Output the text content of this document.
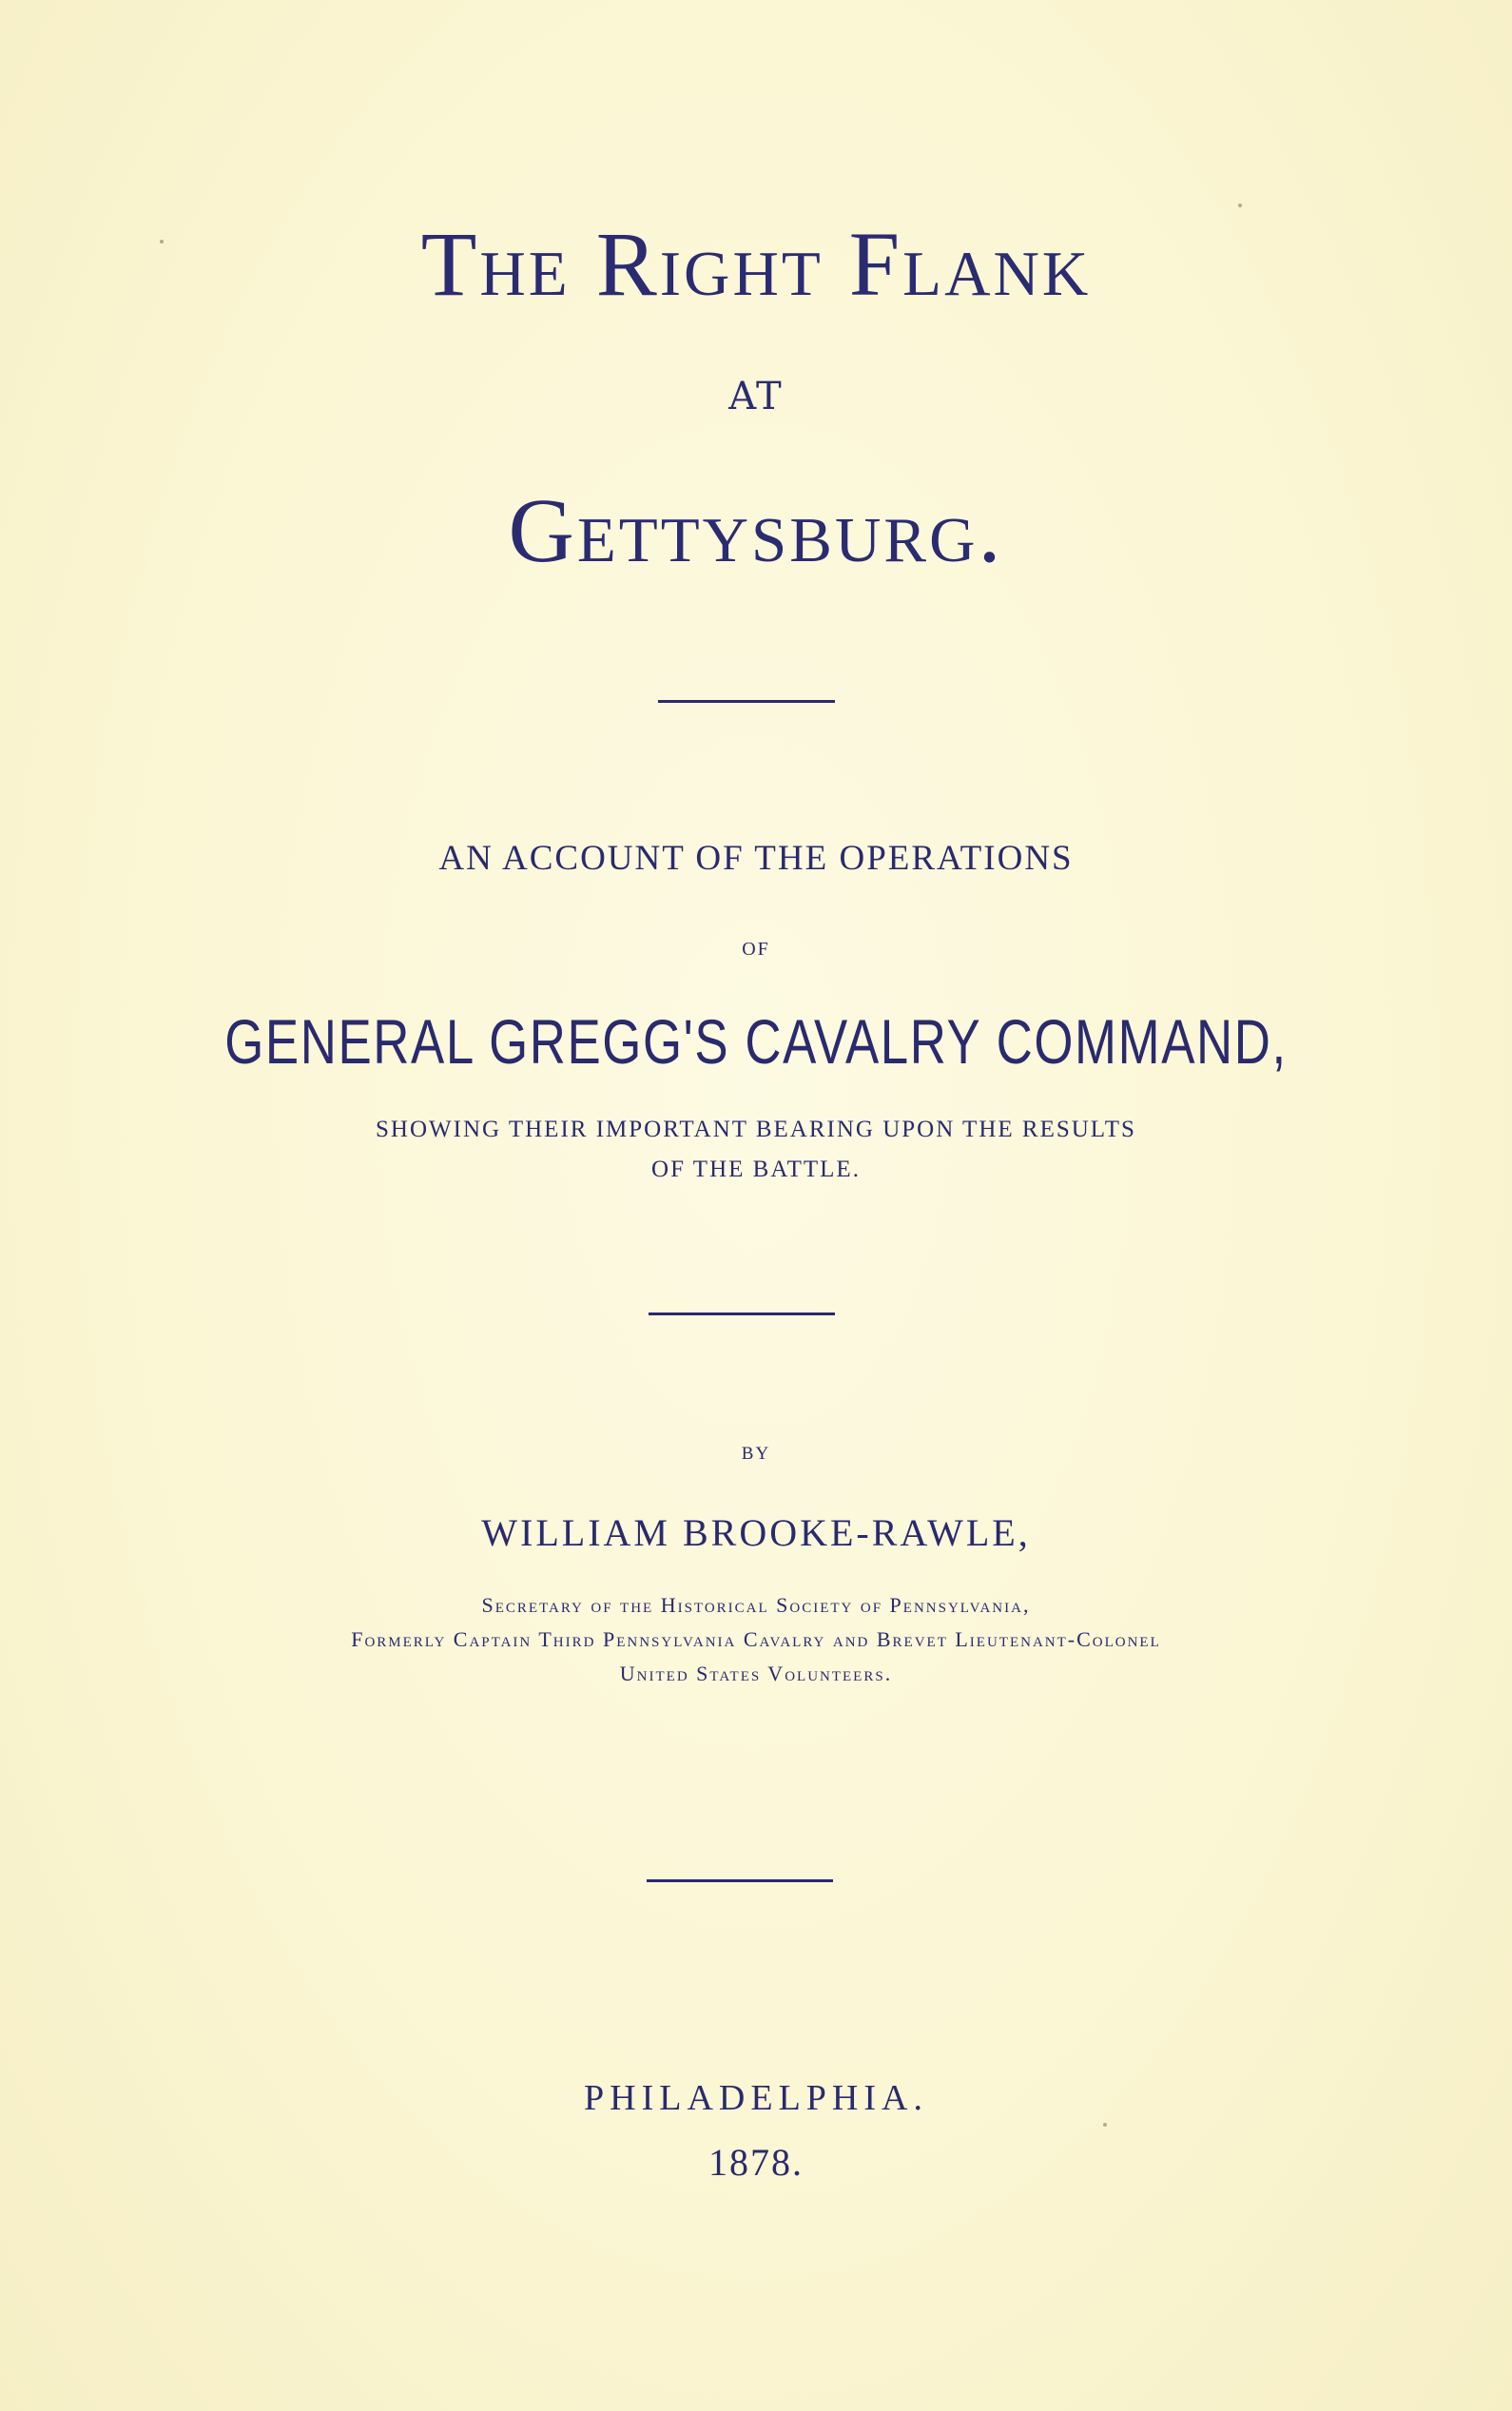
The Right Flank
AT
Gettysburg.
AN ACCOUNT OF THE OPERATIONS
OF
GENERAL GREGG'S CAVALRY COMMAND,
SHOWING THEIR IMPORTANT BEARING UPON THE RESULTS
OF THE BATTLE.
BY
WILLIAM BROOKE-RAWLE,
Secretary of the Historical Society of Pennsylvania,
Formerly Captain Third Pennsylvania Cavalry and Brevet Lieutenant-Colonel
United States Volunteers.
PHILADELPHIA.
1878.
